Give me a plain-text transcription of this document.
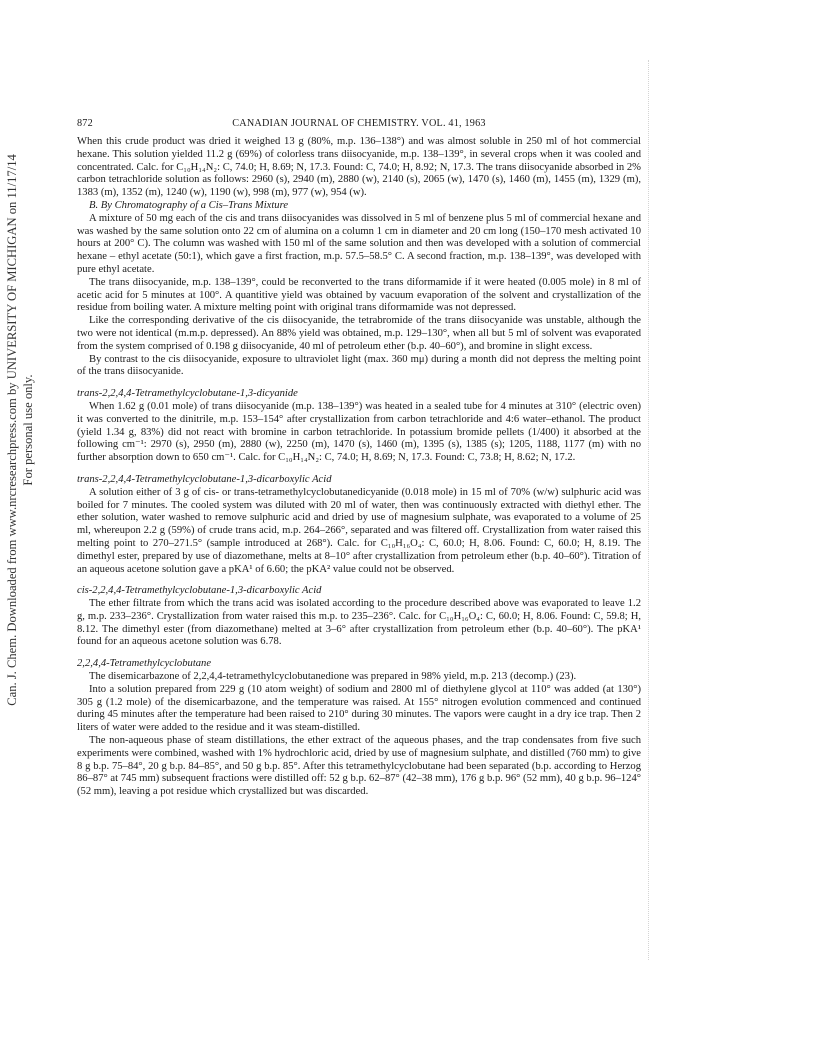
Can. J. Chem. Downloaded from www.nrcresearchpress.com by UNIVERSITY OF MICHIGAN on 11/17/14 For personal use only.
872	CANADIAN JOURNAL OF CHEMISTRY. VOL. 41, 1963

When this crude product was dried it weighed 13 g (80%, m.p. 136–138°) and was almost soluble in 250 ml of hot commercial hexane. This solution yielded 11.2 g (69%) of colorless trans diisocyanide, m.p. 138–139°, in several crops when it was cooled and concentrated. Calc. for C₁₀H₁₄N₂: C, 74.0; H, 8.69; N, 17.3. Found: C, 74.0; H, 8.92; N, 17.3. The trans diisocyanide absorbed in 2% carbon tetrachloride solution as follows: 2960 (s), 2940 (m), 2880 (w), 2140 (s), 2065 (w), 1470 (s), 1460 (m), 1455 (m), 1329 (m), 1383 (m), 1352 (m), 1240 (w), 1190 (w), 998 (m), 977 (w), 954 (w).

B. By Chromatography of a Cis–Trans Mixture

A mixture of 50 mg each of the cis and trans diisocyanides was dissolved in 5 ml of benzene plus 5 ml of commercial hexane and was washed by the same solution onto 22 cm of alumina on a column 1 cm in diameter and 20 cm long (150–170 mesh activated 10 hours at 200° C). The column was washed with 150 ml of the same solution and then was developed with a solution of commercial hexane – ethyl acetate (50:1), which gave a first fraction, m.p. 57.5–58.5° C. A second fraction, m.p. 138–139°, was developed with pure ethyl acetate.

The trans diisocyanide, m.p. 138–139°, could be reconverted to the trans diformamide if it were heated (0.005 mole) in 8 ml of acetic acid for 5 minutes at 100°. A quantitive yield was obtained by vacuum evaporation of the solvent and crystallization of the residue from boiling water. A mixture melting point with original trans diformamide was not depressed.

Like the corresponding derivative of the cis diisocyanide, the tetrabromide of the trans diisocyanide was unstable, although the two were not identical (m.m.p. depressed). An 88% yield was obtained, m.p. 129–130°, when all but 5 ml of solvent was evaporated from the system comprised of 0.198 g diisocyanide, 40 ml of petroleum ether (b.p. 40–60°), and bromine in slight excess.

By contrast to the cis diisocyanide, exposure to ultraviolet light (max. 360 mμ) during a month did not depress the melting point of the trans diisocyanide.

trans-2,2,4,4-Tetramethylcyclobutane-1,3-dicyanide

When 1.62 g (0.01 mole) of trans diisocyanide (m.p. 138–139°) was heated in a sealed tube for 4 minutes at 310° (electric oven) it was converted to the dinitrile, m.p. 153–154° after crystallization from carbon tetrachloride and 4:6 water–ethanol. The product (yield 1.34 g, 83%) did not react with bromine in carbon tetrachloride. In potassium bromide pellets (1/400) it absorbed at the following cm⁻¹: 2970 (s), 2950 (m), 2880 (w), 2250 (m), 1470 (s), 1460 (m), 1395 (s), 1385 (s); 1205, 1188, 1177 (m) with no further absorption down to 650 cm⁻¹. Calc. for C₁₀H₁₄N₂: C, 74.0; H, 8.69; N, 17.3. Found: C, 73.8; H, 8.62; N, 17.2.

trans-2,2,4,4-Tetramethylcyclobutane-1,3-dicarboxylic Acid

A solution either of 3 g of cis- or trans-tetramethylcyclobutanedicyanide (0.018 mole) in 15 ml of 70% (w/w) sulphuric acid was boiled for 7 minutes. The cooled system was diluted with 20 ml of water, then was continuously extracted with diethyl ether. The ether solution, water washed to remove sulphuric acid and dried by use of magnesium sulphate, was evaporated to a volume of 25 ml, whereupon 2.2 g (59%) of crude trans acid, m.p. 264–266°, separated and was filtered off. Crystallization from water raised this melting point to 270–271.5° (sample introduced at 268°). Calc. for C₁₀H₁₆O₄: C, 60.0; H, 8.06. Found: C, 60.0; H, 8.19. The dimethyl ester, prepared by use of diazomethane, melts at 8–10° after crystallization from petroleum ether (b.p. 40–60°). Titration of an aqueous acetone solution gave a pKA¹ of 6.60; the pKA² value could not be observed.

cis-2,2,4,4-Tetramethylcyclobutane-1,3-dicarboxylic Acid

The ether filtrate from which the trans acid was isolated according to the procedure described above was evaporated to leave 1.2 g, m.p. 233–236°. Crystallization from water raised this m.p. to 235–236°. Calc. for C₁₀H₁₆O₄: C, 60.0; H, 8.06. Found: C, 59.8; H, 8.12. The dimethyl ester (from diazomethane) melted at 3–6° after crystallization from petroleum ether (b.p. 40–60°). The pKA¹ found for an aqueous acetone solution was 6.78.

2,2,4,4-Tetramethylcyclobutane

The disemicarbazone of 2,2,4,4-tetramethylcyclobutanedione was prepared in 98% yield, m.p. 213 (decomp.) (23).

Into a solution prepared from 229 g (10 atom weight) of sodium and 2800 ml of diethylene glycol at 110° was added (at 130°) 305 g (1.2 mole) of the disemicarbazone, and the temperature was raised. At 155° nitrogen evolution commenced and continued during 45 minutes after the temperature had been raised to 210° during 30 minutes. The vapors were caught in a dry ice trap. Then 2 liters of water were added to the residue and it was steam-distilled.

The non-aqueous phase of steam distillations, the ether extract of the aqueous phases, and the trap condensates from five such experiments were combined, washed with 1% hydrochloric acid, dried by use of magnesium sulphate, and distilled (760 mm) to give 8 g b.p. 75–84°, 20 g b.p. 84–85°, and 50 g b.p. 85°. After this tetramethylcyclobutane had been separated (b.p. according to Herzog 86–87° at 745 mm) subsequent fractions were distilled off: 52 g b.p. 62–87° (42–38 mm), 176 g b.p. 96° (52 mm), 40 g b.p. 96–124° (52 mm), leaving a pot residue which crystallized but was discarded.
